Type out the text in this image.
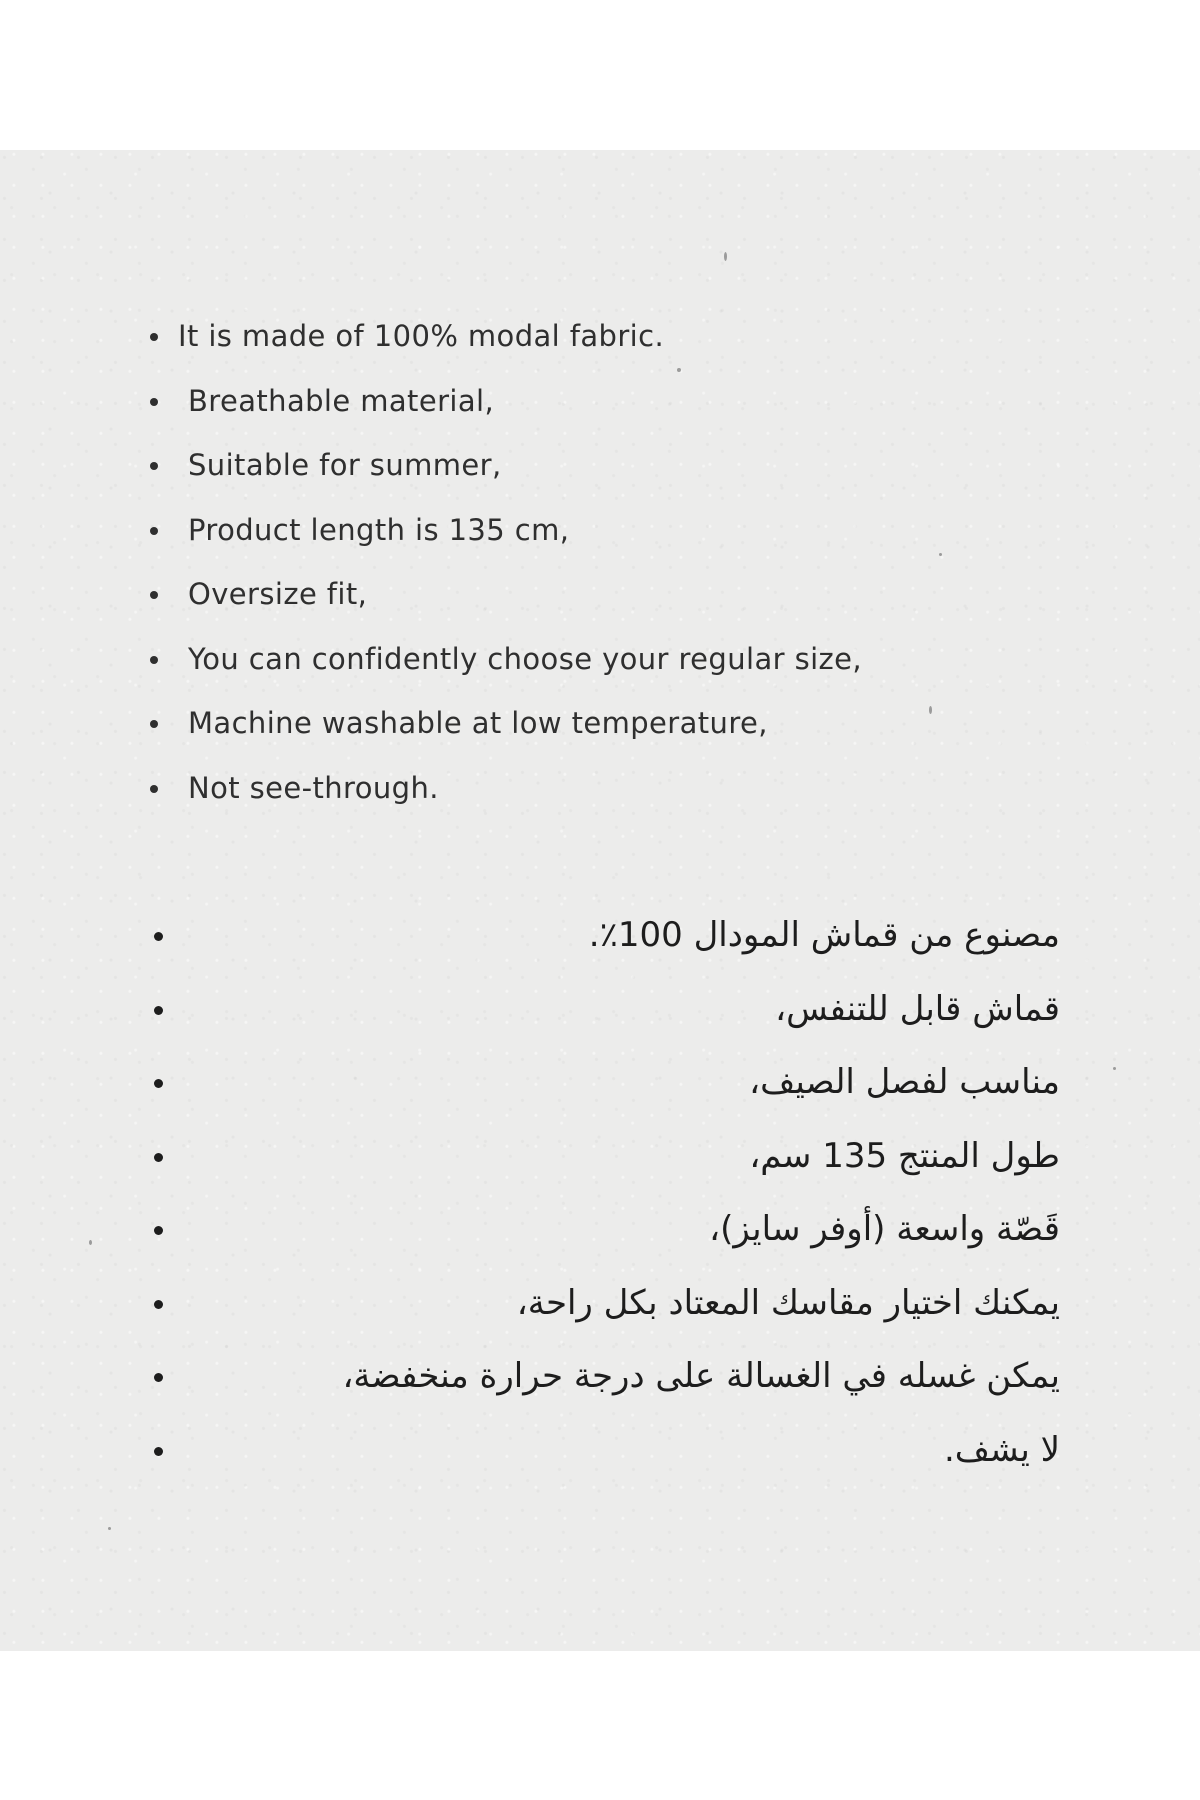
It is made of 100% modal fabric.
Breathable material,
Suitable for summer,
Product length is 135 cm,
Oversize fit,
You can confidently choose your regular size,
Machine washable at low temperature,
Not see-through.
مصنوع من قماش المودال 100٪.
قماش قابل للتنفس،
مناسب لفصل الصيف،
طول المنتج 135 سم،
قَصّة واسعة (أوفر سايز)،
يمكنك اختيار مقاسك المعتاد بكل راحة،
يمكن غسله في الغسالة على درجة حرارة منخفضة،
لا يشف.
